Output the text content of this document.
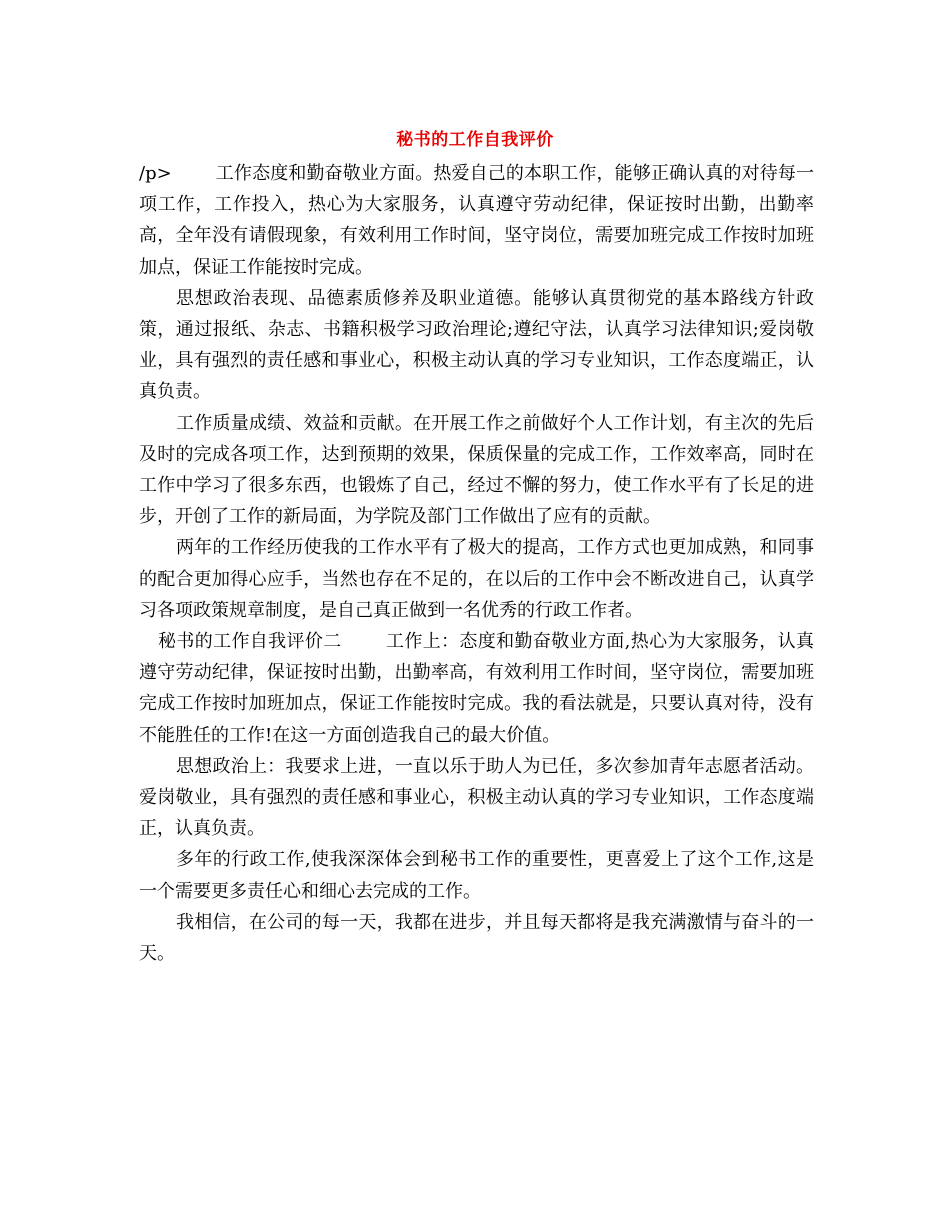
秘书的工作自我评价

/p> 工作态度和勤奋敬业方面。热爱自己的本职工作，能够正确认真的对待每一项工作，工作投入，热心为大家服务，认真遵守劳动纪律，保证按时出勤，出勤率高，全年没有请假现象，有效利用工作时间，坚守岗位，需要加班完成工作按时加班加点，保证工作能按时完成。

思想政治表现、品德素质修养及职业道德。能够认真贯彻党的基本路线方针政策，通过报纸、杂志、书籍积极学习政治理论;遵纪守法，认真学习法律知识;爱岗敬业，具有强烈的责任感和事业心，积极主动认真的学习专业知识，工作态度端正，认真负责。

工作质量成绩、效益和贡献。在开展工作之前做好个人工作计划，有主次的先后及时的完成各项工作，达到预期的效果，保质保量的完成工作，工作效率高，同时在工作中学习了很多东西，也锻炼了自己，经过不懈的努力，使工作水平有了长足的进步，开创了工作的新局面，为学院及部门工作做出了应有的贡献。

两年的工作经历使我的工作水平有了极大的提高，工作方式也更加成熟，和同事的配合更加得心应手，当然也存在不足的，在以后的工作中会不断改进自己，认真学习各项政策规章制度，是自己真正做到一名优秀的行政工作者。

秘书的工作自我评价二 工作上：态度和勤奋敬业方面,热心为大家服务，认真遵守劳动纪律，保证按时出勤，出勤率高，有效利用工作时间，坚守岗位，需要加班完成工作按时加班加点，保证工作能按时完成。我的看法就是，只要认真对待，没有不能胜任的工作!在这一方面创造我自己的最大价值。

思想政治上：我要求上进，一直以乐于助人为已任，多次参加青年志愿者活动。爱岗敬业，具有强烈的责任感和事业心，积极主动认真的学习专业知识，工作态度端正，认真负责。

多年的行政工作,使我深深体会到秘书工作的重要性，更喜爱上了这个工作,这是一个需要更多责任心和细心去完成的工作。

我相信，在公司的每一天，我都在进步，并且每天都将是我充满激情与奋斗的一天。
